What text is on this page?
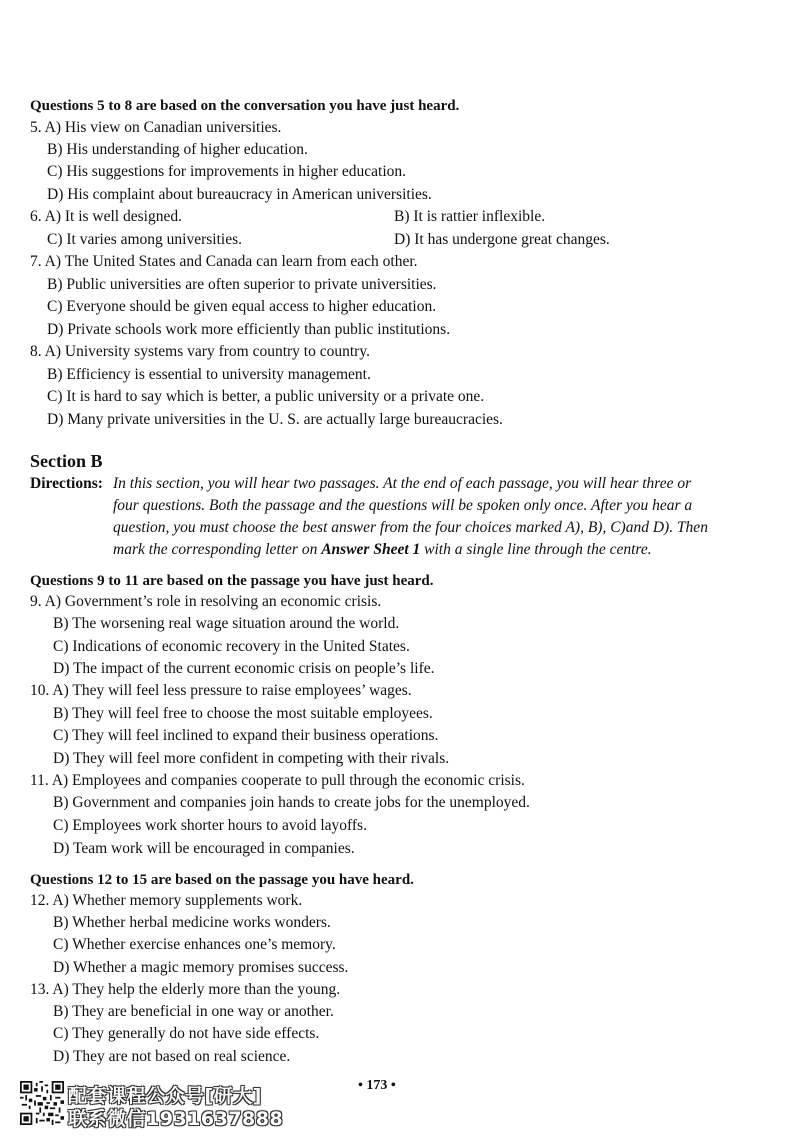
Questions 5 to 8 are based on the conversation you have just heard.
5. A) His view on Canadian universities.
B) His understanding of higher education.
C) His suggestions for improvements in higher education.
D) His complaint about bureaucracy in American universities.
6. A) It is well designed.	B) It is rattier inflexible.
C) It varies among universities.	D) It has undergone great changes.
7. A) The United States and Canada can learn from each other.
B) Public universities are often superior to private universities.
C) Everyone should be given equal access to higher education.
D) Private schools work more efficiently than public institutions.
8. A) University systems vary from country to country.
B) Efficiency is essential to university management.
C) It is hard to say which is better, a public university or a private one.
D) Many private universities in the U. S. are actually large bureaucracies.
Section B
Directions: In this section, you will hear two passages. At the end of each passage, you will hear three or
four questions. Both the passage and the questions will be spoken only once. After you hear a
question, you must choose the best answer from the four choices marked A), B), C)and D). Then
mark the corresponding letter on Answer Sheet 1 with a single line through the centre.
Questions 9 to 11 are based on the passage you have just heard.
9. A) Government’s role in resolving an economic crisis.
B) The worsening real wage situation around the world.
C) Indications of economic recovery in the United States.
D) The impact of the current economic crisis on people’s life.
10. A) They will feel less pressure to raise employees’ wages.
B) They will feel free to choose the most suitable employees.
C) They will feel inclined to expand their business operations.
D) They will feel more confident in competing with their rivals.
11. A) Employees and companies cooperate to pull through the economic crisis.
B) Government and companies join hands to create jobs for the unemployed.
C) Employees work shorter hours to avoid layoffs.
D) Team work will be encouraged in companies.
Questions 12 to 15 are based on the passage you have heard.
12. A) Whether memory supplements work.
B) Whether herbal medicine works wonders.
C) Whether exercise enhances one’s memory.
D) Whether a magic memory promises success.
13. A) They help the elderly more than the young.
B) They are beneficial in one way or another.
C) They generally do not have side effects.
D) They are not based on real science.
• 173 •
配套课程公众号[研大]
联系微信1931637888
